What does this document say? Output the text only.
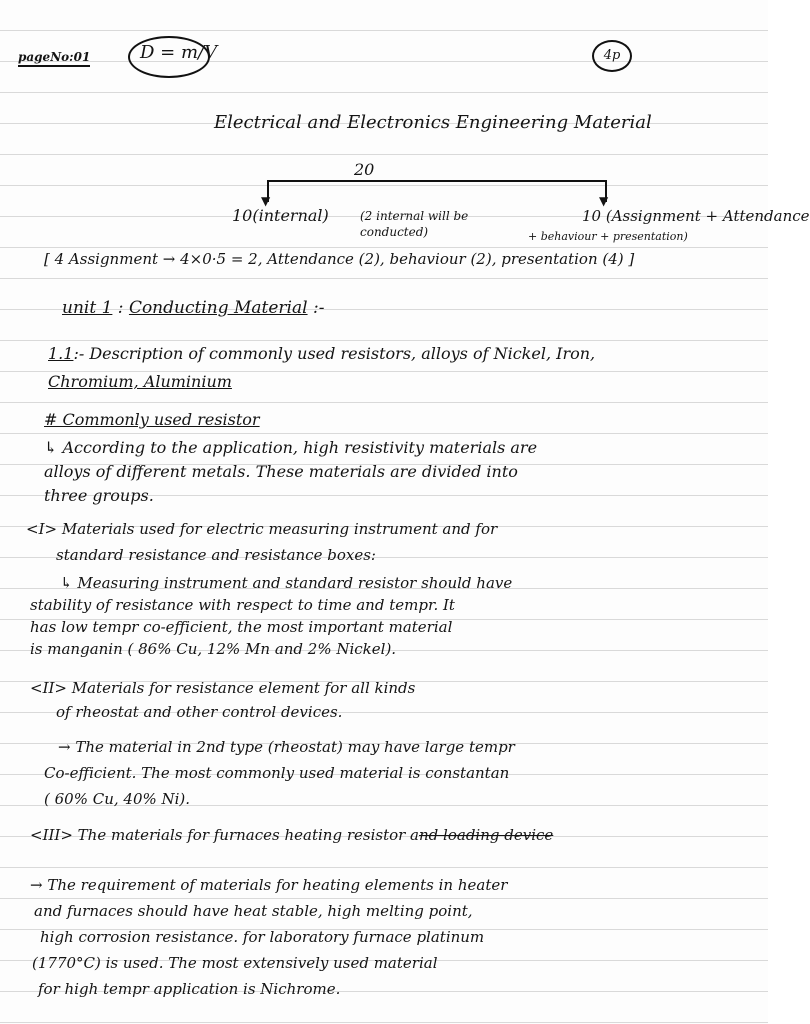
pageNo:01	D = m/V	4p
Electrical and Electronics Engineering Material
20
▼	▼
10(internal)	(2 internal will be conducted)
10 (Assignment + Attendance
+ behaviour + presentation)
[ 4 Assignment → 4×0·5 = 2, Attendance (2), behaviour (2), presentation (4) ]
unit 1 : Conducting Material :-
1.1:- Description of commonly used resistors, alloys of Nickel, Iron,
Chromium, Aluminium
# Commonly used resistor
↳ According to the application, high resistivity materials are
alloys of different metals. These materials are divided into
three groups.
<I> Materials used for electric measuring instrument and for
standard resistance and resistance boxes:
↳ Measuring instrument and standard resistor should have
stability of resistance with respect to time and tempr. It
has low tempr co-efficient, the most important material
is manganin ( 86% Cu, 12% Mn and 2% Nickel).
<II> Materials for resistance element for all kinds
of rheostat and other control devices.
→ The material in 2nd type (rheostat) may have large tempr
Co-efficient. The most commonly used material is constantan
( 60% Cu, 40% Ni).
<III> The materials for furnaces heating resistor and loading device
→ The requirement of materials for heating elements in heater
and furnaces should have heat stable, high melting point,
high corrosion resistance. for laboratory furnace platinum
(1770°C) is used. The most extensively used material
for high tempr application is Nichrome.
